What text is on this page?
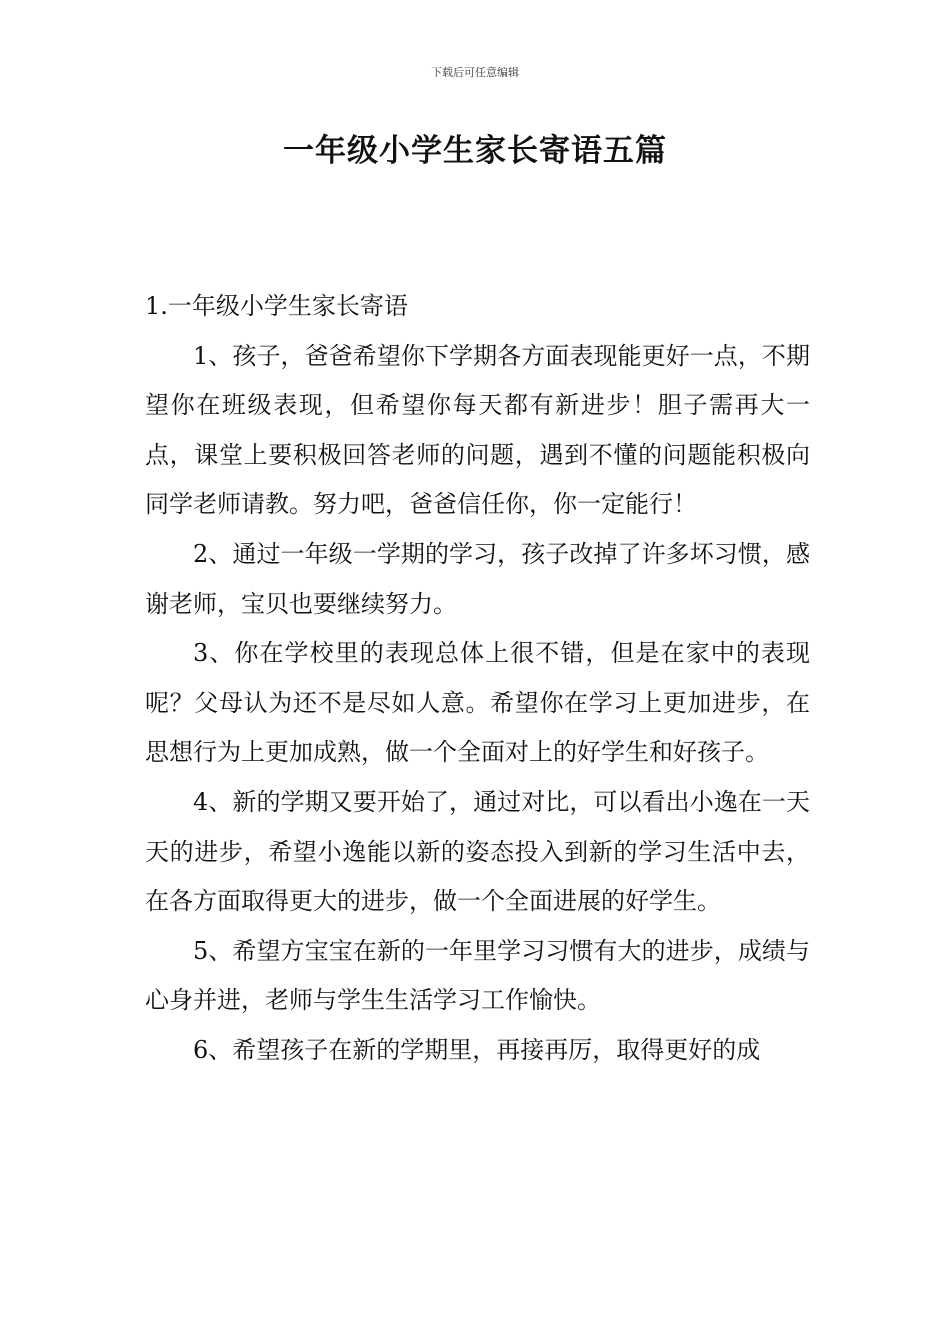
下载后可任意编辑
一年级小学生家长寄语五篇

1.一年级小学生家长寄语

1、孩子，爸爸希望你下学期各方面表现能更好一点，不期望你在班级表现，但希望你每天都有新进步！胆子需再大一点，课堂上要积极回答老师的问题，遇到不懂的问题能积极向同学老师请教。努力吧，爸爸信任你，你一定能行！

2、通过一年级一学期的学习，孩子改掉了许多坏习惯，感谢老师，宝贝也要继续努力。

3、你在学校里的表现总体上很不错，但是在家中的表现呢？父母认为还不是尽如人意。希望你在学习上更加进步，在思想行为上更加成熟，做一个全面对上的好学生和好孩子。

4、新的学期又要开始了，通过对比，可以看出小逸在一天天的进步，希望小逸能以新的姿态投入到新的学习生活中去，在各方面取得更大的进步，做一个全面进展的好学生。

5、希望方宝宝在新的一年里学习习惯有大的进步，成绩与心身并进，老师与学生生活学习工作愉快。

6、希望孩子在新的学期里，再接再厉，取得更好的成
